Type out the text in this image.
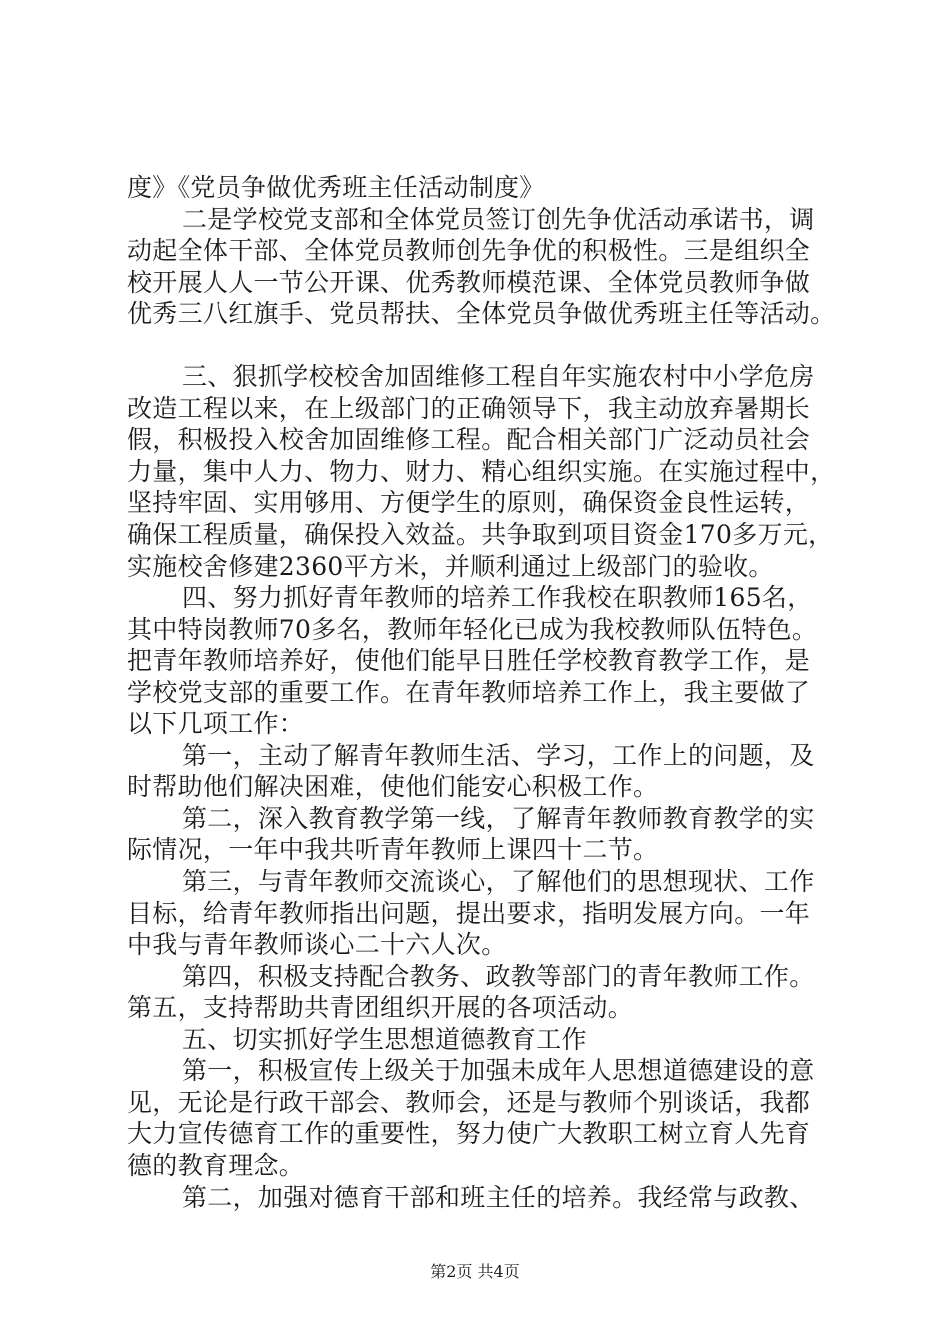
度》《党员争做优秀班主任活动制度》
二是学校党支部和全体党员签订创先争优活动承诺书，调
动起全体干部、全体党员教师创先争优的积极性。三是组织全
校开展人人一节公开课、优秀教师模范课、全体党员教师争做
优秀三八红旗手、党员帮扶、全体党员争做优秀班主任等活动。
三、狠抓学校校舍加固维修工程自年实施农村中小学危房
改造工程以来，在上级部门的正确领导下，我主动放弃暑期长
假，积极投入校舍加固维修工程。配合相关部门广泛动员社会
力量，集中人力、物力、财力、精心组织实施。在实施过程中，
坚持牢固、实用够用、方便学生的原则，确保资金良性运转，
确保工程质量，确保投入效益。共争取到项目资金170多万元，
实施校舍修建2360平方米，并顺利通过上级部门的验收。
四、努力抓好青年教师的培养工作我校在职教师165名，
其中特岗教师70多名，教师年轻化已成为我校教师队伍特色。
把青年教师培养好，使他们能早日胜任学校教育教学工作，是
学校党支部的重要工作。在青年教师培养工作上，我主要做了
以下几项工作：
第一，主动了解青年教师生活、学习，工作上的问题，及
时帮助他们解决困难，使他们能安心积极工作。
第二，深入教育教学第一线，了解青年教师教育教学的实
际情况，一年中我共听青年教师上课四十二节。
第三，与青年教师交流谈心，了解他们的思想现状、工作
目标，给青年教师指出问题，提出要求，指明发展方向。一年
中我与青年教师谈心二十六人次。
第四，积极支持配合教务、政教等部门的青年教师工作。
第五，支持帮助共青团组织开展的各项活动。
五、切实抓好学生思想道德教育工作
第一，积极宣传上级关于加强未成年人思想道德建设的意
见，无论是行政干部会、教师会，还是与教师个别谈话，我都
大力宣传德育工作的重要性，努力使广大教职工树立育人先育
德的教育理念。
第二，加强对德育干部和班主任的培养。我经常与政教、
第2页 共4页
